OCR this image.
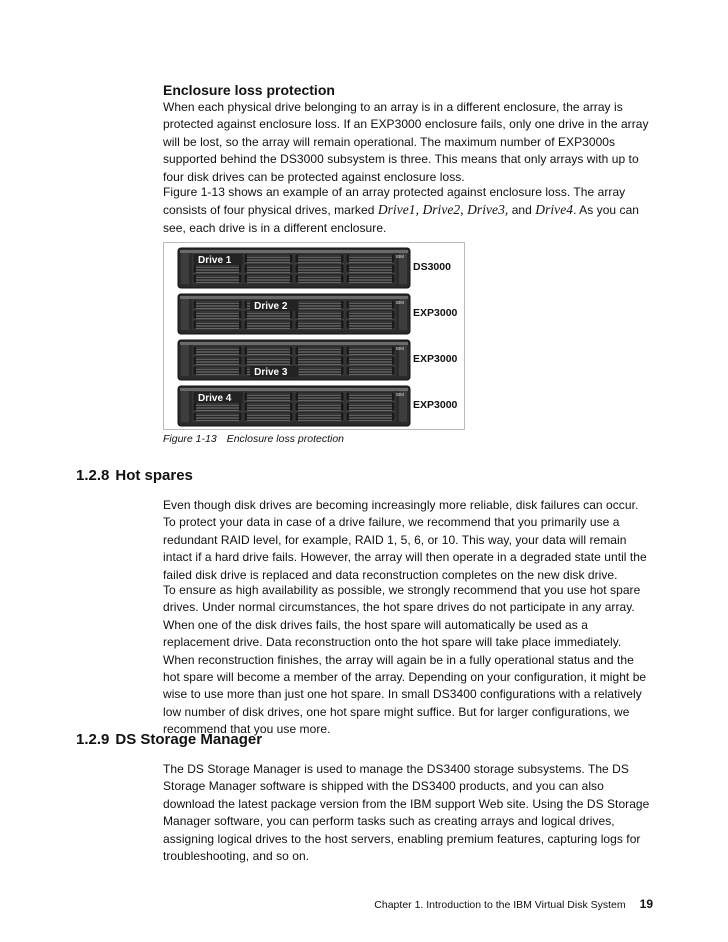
Enclosure loss protection

When each physical drive belonging to an array is in a different enclosure, the array is protected against enclosure loss. If an EXP3000 enclosure fails, only one drive in the array will be lost, so the array will remain operational. The maximum number of EXP3000s supported behind the DS3000 subsystem is three. This means that only arrays with up to four disk drives can be protected against enclosure loss.

Figure 1-13 shows an example of an array protected against enclosure loss. The array consists of four physical drives, marked Drive1, Drive2, Drive3, and Drive4. As you can see, each drive is in a different enclosure.

IBM
Drive 1
DS3000
IBM
Drive 2
EXP3000
IBM
Drive 3
EXP3000
IBM
Drive 4
EXP3000
Figure 1-13 Enclosure loss protection
1.2.8 Hot spares

Even though disk drives are becoming increasingly more reliable, disk failures can occur. To protect your data in case of a drive failure, we recommend that you primarily use a redundant RAID level, for example, RAID 1, 5, 6, or 10. This way, your data will remain intact if a hard drive fails. However, the array will then operate in a degraded state until the failed disk drive is replaced and data reconstruction completes on the new disk drive.

To ensure as high availability as possible, we strongly recommend that you use hot spare drives. Under normal circumstances, the hot spare drives do not participate in any array. When one of the disk drives fails, the host spare will automatically be used as a replacement drive. Data reconstruction onto the hot spare will take place immediately. When reconstruction finishes, the array will again be in a fully operational status and the hot spare will become a member of the array. Depending on your configuration, it might be wise to use more than just one hot spare. In small DS3400 configurations with a relatively low number of disk drives, one hot spare might suffice. But for larger configurations, we recommend that you use more.

1.2.9 DS Storage Manager

The DS Storage Manager is used to manage the DS3400 storage subsystems. The DS Storage Manager software is shipped with the DS3400 products, and you can also download the latest package version from the IBM support Web site. Using the DS Storage Manager software, you can perform tasks such as creating arrays and logical drives, assigning logical drives to the host servers, enabling premium features, capturing logs for troubleshooting, and so on.

Chapter 1. Introduction to the IBM Virtual Disk System 19
